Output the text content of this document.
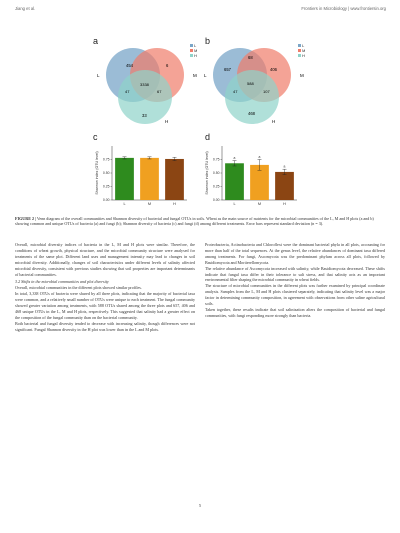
Jiang et al.	Frontiers in Microbiology | www.frontiersin.org
a	b
c	d
L	M
H
454	6
33
47	67
3338
L
M
H
L	M
H
657	406
68
468
47	107
588
L
M
H
0.00
0.25
0.50
0.75
Shannon index (OTU level)
L	M	H
0.00
0.25
0.50
0.75
Shannon index (OTU level)
L
a
M
a
H
a
FIGURE 2 | Venn diagram of the overall communities and Shannon diversity of bacterial and fungal OTUs in soils. Wheat as the main source of nutrients for the microbial communities of the L, M and H plots (a and b) showing common and unique OTUs of bacteria (a) and fungi (b); Shannon diversity of bacteria (c) and fungi (d) among different treatments. Error bars represent standard deviation (n = 3).

Overall, microbial diversity indices of bacteria in the L, M and H plots were similar. Therefore, the conditions of wheat growth, physical structure, and the microbial community structure were analysed for treatments of the same plot. Different land uses and management intensity may lead to changes in soil microbial diversity. Additionally, changes of soil characteristics under different levels of salinity affected microbial diversity, consistent with previous studies showing that soil properties are important determinants of bacterial communities.

3.2 Shifts in the microbial communities and plot diversity

Overall, microbial communities in the different plots showed similar profiles.

In total, 3,338 OTUs of bacteria were shared by all three plots, indicating that the majority of bacterial taxa were common, and a relatively small number of OTUs were unique to each treatment. The fungal community showed greater variation among treatments, with 588 OTUs shared among the three plots and 657, 406 and 468 unique OTUs in the L, M and H plots, respectively. This suggested that salinity had a greater effect on the composition of the fungal community than on the bacterial community.

Both bacterial and fungal diversity tended to decrease with increasing salinity, though differences were not significant. Fungal Shannon diversity in the H plot was lower than in the L and M plots.

Proteobacteria, Actinobacteria and Chloroflexi were the dominant bacterial phyla in all plots, accounting for more than half of the total sequences. At the genus level, the relative abundances of dominant taxa differed among treatments. For fungi, Ascomycota was the predominant phylum across all plots, followed by Basidiomycota and Mortierellomycota.

The relative abundance of Ascomycota increased with salinity, while Basidiomycota decreased. These shifts indicate that fungal taxa differ in their tolerance to salt stress, and that salinity acts as an important environmental filter shaping the microbial community in wheat fields.

The structure of microbial communities in the different plots was further examined by principal coordinate analysis. Samples from the L, M and H plots clustered separately, indicating that salinity level was a major factor in determining community composition, in agreement with observations from other saline agricultural soils.

Taken together, these results indicate that soil salinization alters the composition of bacterial and fungal communities, with fungi responding more strongly than bacteria.

5
